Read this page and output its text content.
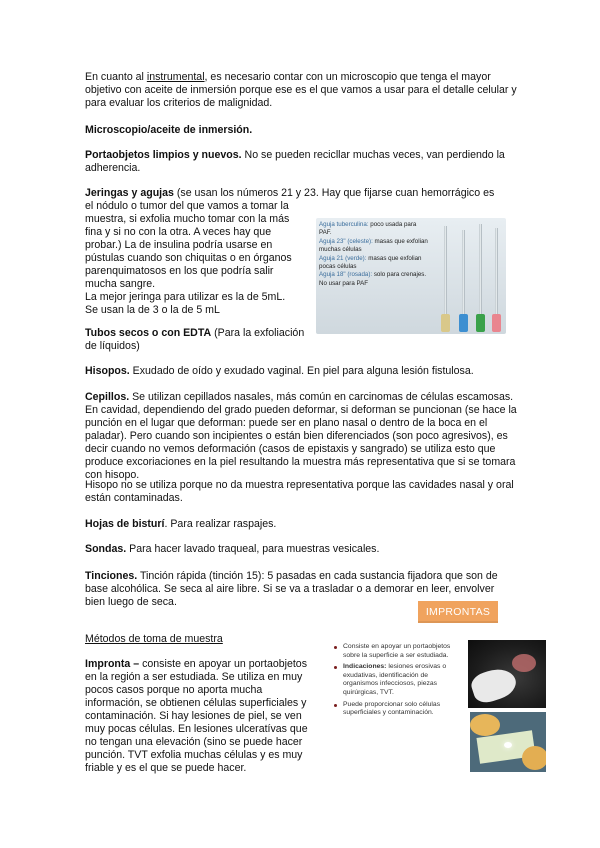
En cuanto al instrumental, es necesario contar con un microscopio que tenga el mayor objetivo con aceite de inmersión porque ese es el que vamos a usar para el detalle celular y para evaluar los criterios de malignidad.

Microscopio/aceite de inmersión.

Portaobjetos limpios y nuevos. No se pueden recicllar muchas veces, van perdiendo la adherencia.

Jeringas y agujas (se usan los números 21 y 23. Hay que fijarse cuan hemorrágico es

el nódulo o tumor del que vamos a tomar la muestra, si exfolia mucho tomar con la más fina y si no con la otra. A veces hay que probar.) La de insulina podría usarse en pústulas cuando son chiquitas o en órganos parenquimatosos en los que podría salir mucha sangre.

La mejor jeringa para utilizar es la de 5mL.

Se usan la de 3 o la de 5 mL

Aguja tuberculina: poco usada para PAF.
Aguja 23" (celeste): masas que exfolian muchas células
Aguja 21 (verde): masas que exfolian pocas células
Aguja 18" (rosada): solo para crenajes. No usar para PAF

Tubos secos o con EDTA (Para la exfoliación de líquidos)

Hisopos. Exudado de oído y exudado vaginal. En piel para alguna lesión fistulosa.

Cepillos. Se utilizan cepillados nasales, más común en carcinomas de células escamosas. En cavidad, dependiendo del grado pueden deformar, si deforman se puncionan (se hace la punción en el lugar que deforman: puede ser en plano nasal o dentro de la boca en el paladar). Pero cuando son incipientes o están bien diferenciados (son poco agresivos), es decir cuando no vemos deformación (casos de epistaxis y sangrado) se utiliza esto que produce excoriaciones en la piel resultando la muestra más representativa que si se tomara con hisopo.

Hisopo no se utiliza porque no da muestra representativa porque las cavidades nasal y oral están contaminadas.

Hojas de bisturí. Para realizar raspajes.

Sondas. Para hacer lavado traqueal, para muestras vesicales.

Tinciones. Tinción rápida (tinción 15): 5 pasadas en cada sustancia fijadora que son de base alcohólica. Se seca al aire libre. Si se va a trasladar o a demorar en leer, envolver bien luego de seca.

IMPRONTAS

Métodos de toma de muestra

Impronta – consiste en apoyar un portaobjetos en la región a ser estudiada. Se utiliza en muy pocos casos porque no aporta mucha información, se obtienen células superficiales y contaminación. Si hay lesiones de piel, se ven muy pocas células. En lesiones ulceratívas que no tengan una elevación (sino se puede hacer punción. TVT exfolia muchas células y es muy friable y es el que se puede hacer.

Consiste en apoyar un portaobjetos sobre la superficie a ser estudiada.
Indicaciones: lesiones erosivas o exudativas, identificación de organismos infecciosos, piezas quirúrgicas, TVT.
Puede proporcionar solo células superficiales y contaminación.
